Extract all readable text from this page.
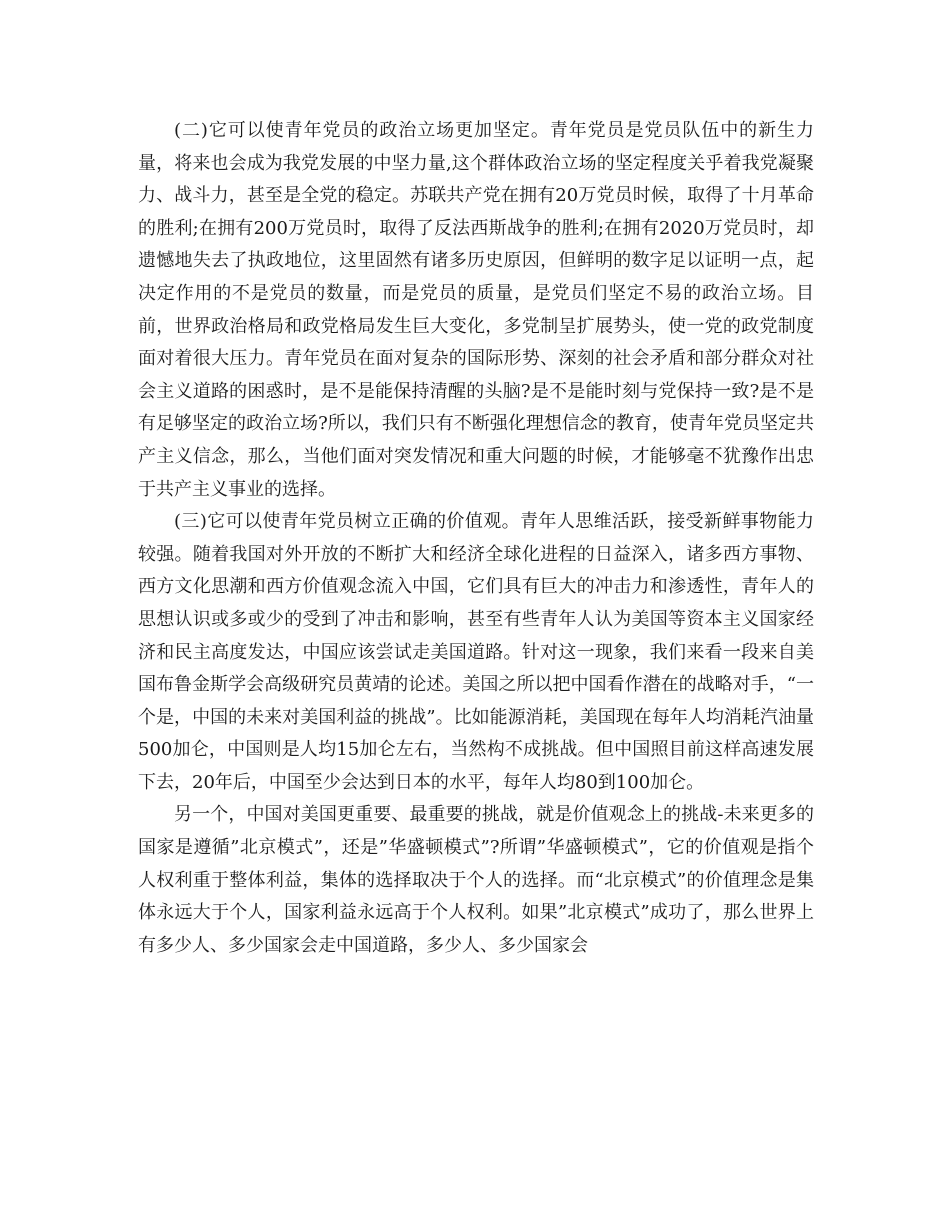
(二)它可以使青年党员的政治立场更加坚定。青年党员是党员队伍中的新生力量，将来也会成为我党发展的中坚力量,这个群体政治立场的坚定程度关乎着我党凝聚力、战斗力，甚至是全党的稳定。苏联共产党在拥有20万党员时候，取得了十月革命的胜利;在拥有200万党员时，取得了反法西斯战争的胜利;在拥有2020万党员时，却遗憾地失去了执政地位，这里固然有诸多历史原因，但鲜明的数字足以证明一点，起决定作用的不是党员的数量，而是党员的质量，是党员们坚定不易的政治立场。目前，世界政治格局和政党格局发生巨大变化，多党制呈扩展势头，使一党的政党制度面对着很大压力。青年党员在面对复杂的国际形势、深刻的社会矛盾和部分群众对社会主义道路的困惑时，是不是能保持清醒的头脑?是不是能时刻与党保持一致?是不是有足够坚定的政治立场?所以，我们只有不断强化理想信念的教育，使青年党员坚定共产主义信念，那么，当他们面对突发情况和重大问题的时候，才能够毫不犹豫作出忠于共产主义事业的选择。

(三)它可以使青年党员树立正确的价值观。青年人思维活跃，接受新鲜事物能力较强。随着我国对外开放的不断扩大和经济全球化进程的日益深入，诸多西方事物、西方文化思潮和西方价值观念流入中国，它们具有巨大的冲击力和渗透性，青年人的思想认识或多或少的受到了冲击和影响，甚至有些青年人认为美国等资本主义国家经济和民主高度发达，中国应该尝试走美国道路。针对这一现象，我们来看一段来自美国布鲁金斯学会高级研究员黄靖的论述。美国之所以把中国看作潜在的战略对手，“一个是，中国的未来对美国利益的挑战”。比如能源消耗，美国现在每年人均消耗汽油量500加仑，中国则是人均15加仑左右，当然构不成挑战。但中国照目前这样高速发展下去，20年后，中国至少会达到日本的水平，每年人均80到100加仑。

另一个，中国对美国更重要、最重要的挑战，就是价值观念上的挑战-未来更多的国家是遵循”北京模式”，还是”华盛顿模式”?所谓”华盛顿模式”，它的价值观是指个人权利重于整体利益，集体的选择取决于个人的选择。而“北京模式”的价值理念是集体永远大于个人，国家利益永远高于个人权利。如果”北京模式”成功了，那么世界上有多少人、多少国家会走中国道路，多少人、多少国家会
